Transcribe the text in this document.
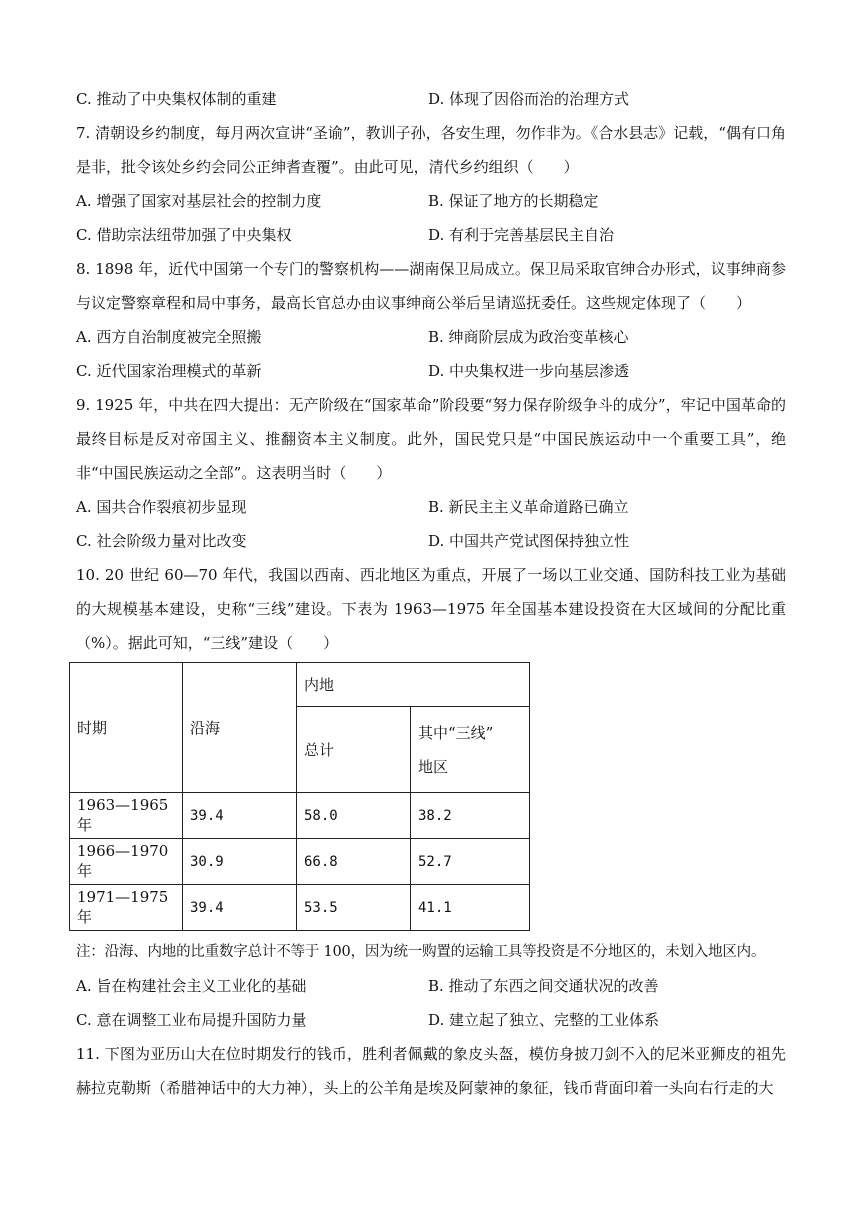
C. 推动了中央集权体制的重建	D. 体现了因俗而治的治理方式
7. 清朝设乡约制度，每月两次宣讲“圣谕”，教训子孙，各安生理，勿作非为。《合水县志》记载，“偶有口角是非，批令该处乡约会同公正绅耆查覆”。由此可见，清代乡约组织（　　）
A. 增强了国家对基层社会的控制力度	B. 保证了地方的长期稳定
C. 借助宗法纽带加强了中央集权	D. 有利于完善基层民主自治
8. 1898 年，近代中国第一个专门的警察机构——湖南保卫局成立。保卫局采取官绅合办形式，议事绅商参与议定警察章程和局中事务，最高长官总办由议事绅商公举后呈请巡抚委任。这些规定体现了（　　）
A. 西方自治制度被完全照搬	B. 绅商阶层成为政治变革核心
C. 近代国家治理模式的革新	D. 中央集权进一步向基层渗透
9. 1925 年，中共在四大提出：无产阶级在“国家革命”阶段要“努力保存阶级争斗的成分”，牢记中国革命的最终目标是反对帝国主义、推翻资本主义制度。此外，国民党只是“中国民族运动中一个重要工具”，绝非“中国民族运动之全部”。这表明当时（　　）
A. 国共合作裂痕初步显现	B. 新民主主义革命道路已确立
C. 社会阶级力量对比改变	D. 中国共产党试图保持独立性
10. 20 世纪 60—70 年代，我国以西南、西北地区为重点，开展了一场以工业交通、国防科技工业为基础的大规模基本建设，史称“三线”建设。下表为 1963—1975 年全国基本建设投资在大区域间的分配比重（%）。据此可知，“三线”建设（　　）
时期	沿海	内地	
		总计	其中“三线”
地区

1963—1965 年	39.4	58.0	38.2
1966—1970 年	30.9	66.8	52.7
1971—1975 年	39.4	53.5	41.1
注：沿海、内地的比重数字总计不等于 100，因为统一购置的运输工具等投资是不分地区的，未划入地区内。
A. 旨在构建社会主义工业化的基础	B. 推动了东西之间交通状况的改善
C. 意在调整工业布局提升国防力量	D. 建立起了独立、完整的工业体系
11. 下图为亚历山大在位时期发行的钱币，胜利者佩戴的象皮头盔，模仿身披刀剑不入的尼米亚狮皮的祖先赫拉克勒斯（希腊神话中的大力神），头上的公羊角是埃及阿蒙神的象征，钱币背面印着一头向右行走的大
